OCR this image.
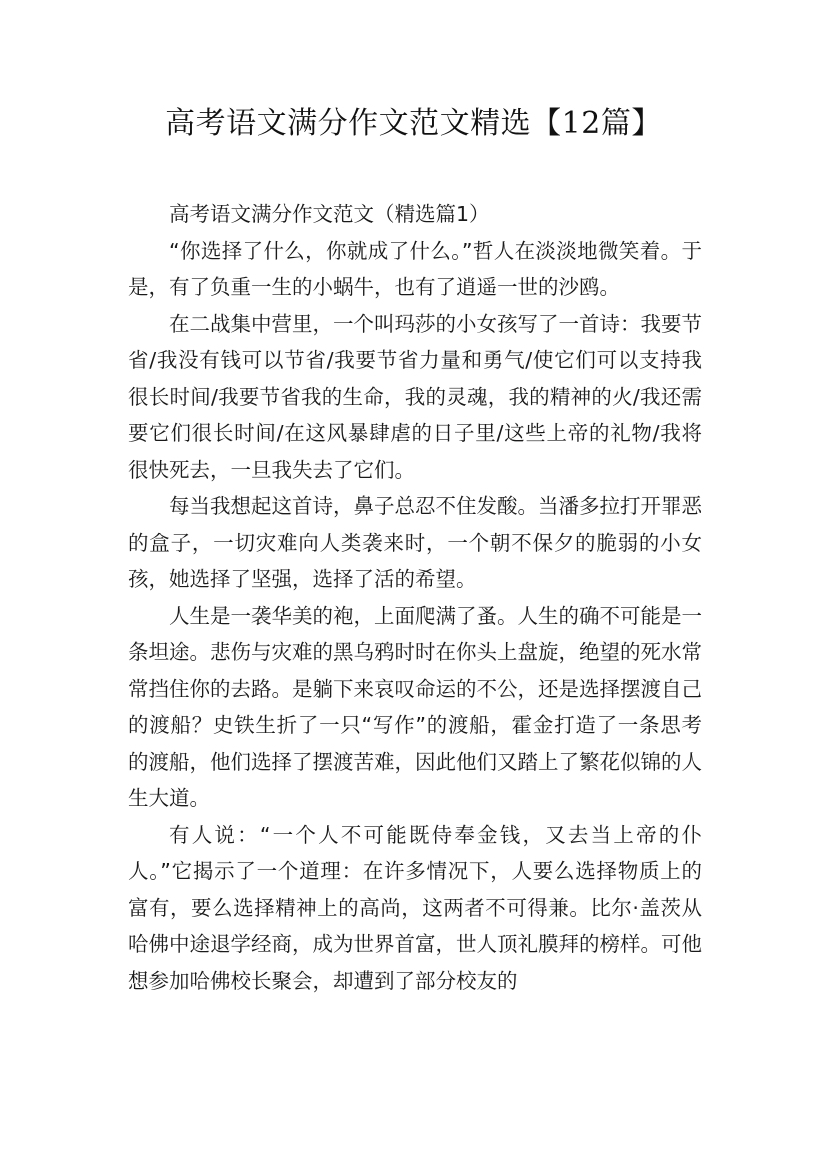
高考语文满分作文范文精选【12篇】

高考语文满分作文范文（精选篇1）

“你选择了什么，你就成了什么。”哲人在淡淡地微笑着。于是，有了负重一生的小蜗牛，也有了逍遥一世的沙鸥。

在二战集中营里，一个叫玛莎的小女孩写了一首诗：我要节省/我没有钱可以节省/我要节省力量和勇气/使它们可以支持我很长时间/我要节省我的生命，我的灵魂，我的精神的火/我还需要它们很长时间/在这风暴肆虐的日子里/这些上帝的礼物/我将很快死去，一旦我失去了它们。

每当我想起这首诗，鼻子总忍不住发酸。当潘多拉打开罪恶的盒子，一切灾难向人类袭来时，一个朝不保夕的脆弱的小女孩，她选择了坚强，选择了活的希望。

人生是一袭华美的袍，上面爬满了蚤。人生的确不可能是一条坦途。悲伤与灾难的黑乌鸦时时在你头上盘旋，绝望的死水常常挡住你的去路。是躺下来哀叹命运的不公，还是选择摆渡自己的渡船？史铁生折了一只“写作”的渡船，霍金打造了一条思考的渡船，他们选择了摆渡苦难，因此他们又踏上了繁花似锦的人生大道。

有人说：“一个人不可能既侍奉金钱，又去当上帝的仆人。”它揭示了一个道理：在许多情况下，人要么选择物质上的富有，要么选择精神上的高尚，这两者不可得兼。比尔·盖茨从哈佛中途退学经商，成为世界首富，世人顶礼膜拜的榜样。可他想参加哈佛校长聚会，却遭到了部分校友的
